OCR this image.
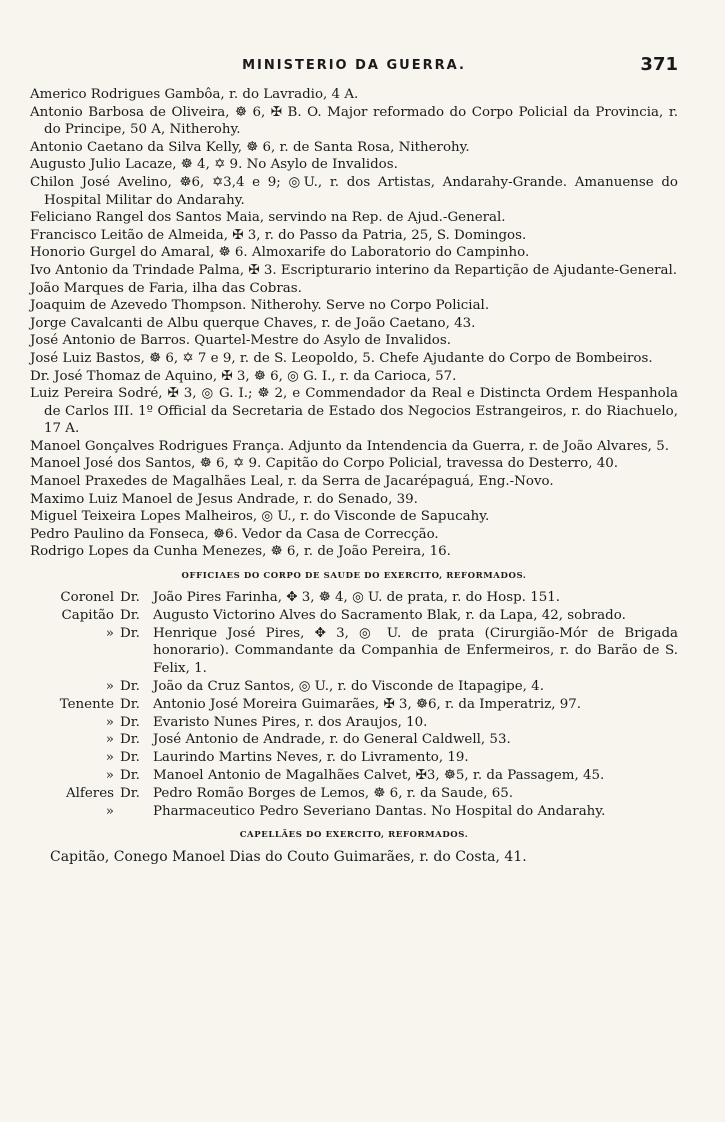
MINISTERIO DA GUERRA.	371

Americo Rodrigues Gambôa, r. do Lavradio, 4 A.

Antonio Barbosa de Oliveira, ☸ 6, ✠ B. O. Major reformado do Corpo Policial da Provincia, r. do Principe, 50 A, Nitherohy.

Antonio Caetano da Silva Kelly, ☸ 6, r. de Santa Rosa, Nitherohy.

Augusto Julio Lacaze, ☸ 4, ✡ 9. No Asylo de Invalidos.

Chilon José Avelino, ☸6, ✡3,4 e 9; ◎U., r. dos Artistas, Andarahy-Grande. Amanuense do Hospital Militar do Andarahy.

Feliciano Rangel dos Santos Maia, servindo na Rep. de Ajud.-General.

Francisco Leitão de Almeida, ✠ 3, r. do Passo da Patria, 25, S. Domingos.

Honorio Gurgel do Amaral, ☸ 6. Almoxarife do Laboratorio do Campinho.

Ivo Antonio da Trindade Palma, ✠ 3. Escripturario interino da Repartição de Ajudante-General.

João Marques de Faria, ilha das Cobras.

Joaquim de Azevedo Thompson. Nitherohy. Serve no Corpo Policial.

Jorge Cavalcanti de Albu querque Chaves, r. de João Caetano, 43.

José Antonio de Barros. Quartel-Mestre do Asylo de Invalidos.

José Luiz Bastos, ☸ 6, ✡ 7 e 9, r. de S. Leopoldo, 5. Chefe Ajudante do Corpo de Bombeiros.

Dr. José Thomaz de Aquino, ✠ 3, ☸ 6, ◎ G. I., r. da Carioca, 57.

Luiz Pereira Sodré, ✠ 3, ◎ G. I.; ☸ 2, e Commendador da Real e Distincta Ordem Hespanhola de Carlos III. 1º Official da Secretaria de Estado dos Negocios Estrangeiros, r. do Riachuelo, 17 A.

Manoel Gonçalves Rodrigues França. Adjunto da Intendencia da Guerra, r. de João Alvares, 5.

Manoel José dos Santos, ☸ 6, ✡ 9. Capitão do Corpo Policial, travessa do Desterro, 40.

Manoel Praxedes de Magalhães Leal, r. da Serra de Jacarépaguá, Eng.-Novo.

Maximo Luiz Manoel de Jesus Andrade, r. do Senado, 39.

Miguel Teixeira Lopes Malheiros, ◎ U., r. do Visconde de Sapucahy.

Pedro Paulino da Fonseca, ☸6. Vedor da Casa de Correcção.

Rodrigo Lopes da Cunha Menezes, ☸ 6, r. de João Pereira, 16.

OFFICIAES DO CORPO DE SAUDE DO EXERCITO, REFORMADOS.
Coronel Dr. João Pires Farinha, ✥ 3, ☸ 4, ◎ U. de prata, r. do Hosp. 151.
Capitão Dr. Augusto Victorino Alves do Sacramento Blak, r. da Lapa, 42, sobrado.
» Dr. Henrique José Pires, ✥ 3, ◎ U. de prata (Cirurgião-Mór de Brigada honorario). Commandante da Companhia de Enfermeiros, r. do Barão de S. Felix, 1.
» Dr. João da Cruz Santos, ◎ U., r. do Visconde de Itapagipe, 4.
Tenente Dr. Antonio José Moreira Guimarães, ✠ 3, ☸6, r. da Imperatriz, 97.
» Dr. Evaristo Nunes Pires, r. dos Araujos, 10.
» Dr. José Antonio de Andrade, r. do General Caldwell, 53.
» Dr. Laurindo Martins Neves, r. do Livramento, 19.
» Dr. Manoel Antonio de Magalhães Calvet, ✠3, ☸5, r. da Passagem, 45.
Alferes Dr. Pedro Romão Borges de Lemos, ☸ 6, r. da Saude, 65.
»	Pharmaceutico Pedro Severiano Dantas. No Hospital do Andarahy.
CAPELLÃES DO EXERCITO, REFORMADOS.
Capitão, Conego Manoel Dias do Couto Guimarães, r. do Costa, 41.
